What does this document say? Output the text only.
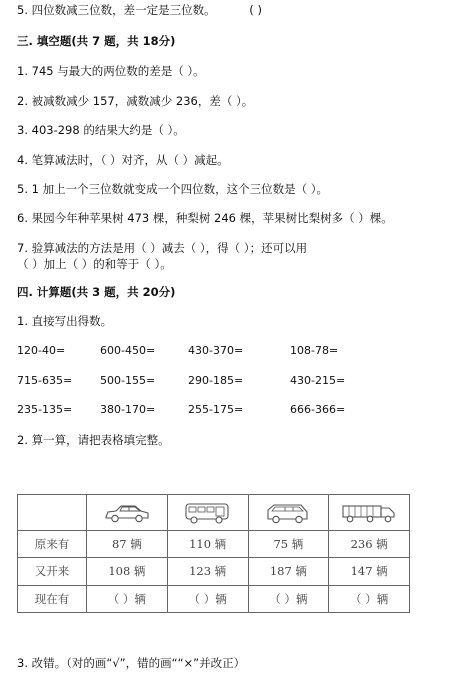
5. 四位数减三位数，差一定是三位数。	( )
三. 填空题(共 7 题，共 18分)
1. 745 与最大的两位数的差是（ ）。
2. 被减数减少 157，减数减少 236，差（ ）。
3. 403-298 的结果大约是（ ）。
4. 笔算减法时，（ ）对齐，从（ ）减起。
5. 1 加上一个三位数就变成一个四位数，这个三位数是（ ）。
6. 果园今年种苹果树 473 棵，种梨树 246 棵，苹果树比梨树多（ ）棵。
7. 验算减法的方法是用（ ）减去（ ），得（ ）；还可以用
（ ）加上（ ）的和等于（ ）。
四. 计算题(共 3 题，共 20分)
1. 直接写出得数。
120-40=	600-450=	430-370=	108-78=
715-635=	500-155=	290-185=	430-215=
235-135=	380-170=	255-175=	666-366=
2. 算一算，请把表格填完整。

原来有	87 辆	110 辆	75 辆	236 辆
又开来	108 辆	123 辆	187 辆	147 辆
现在有	（ ）辆	（ ）辆	（ ）辆	（ ）辆
3. 改错。（对的画“√”，错的画““×”并改正）
